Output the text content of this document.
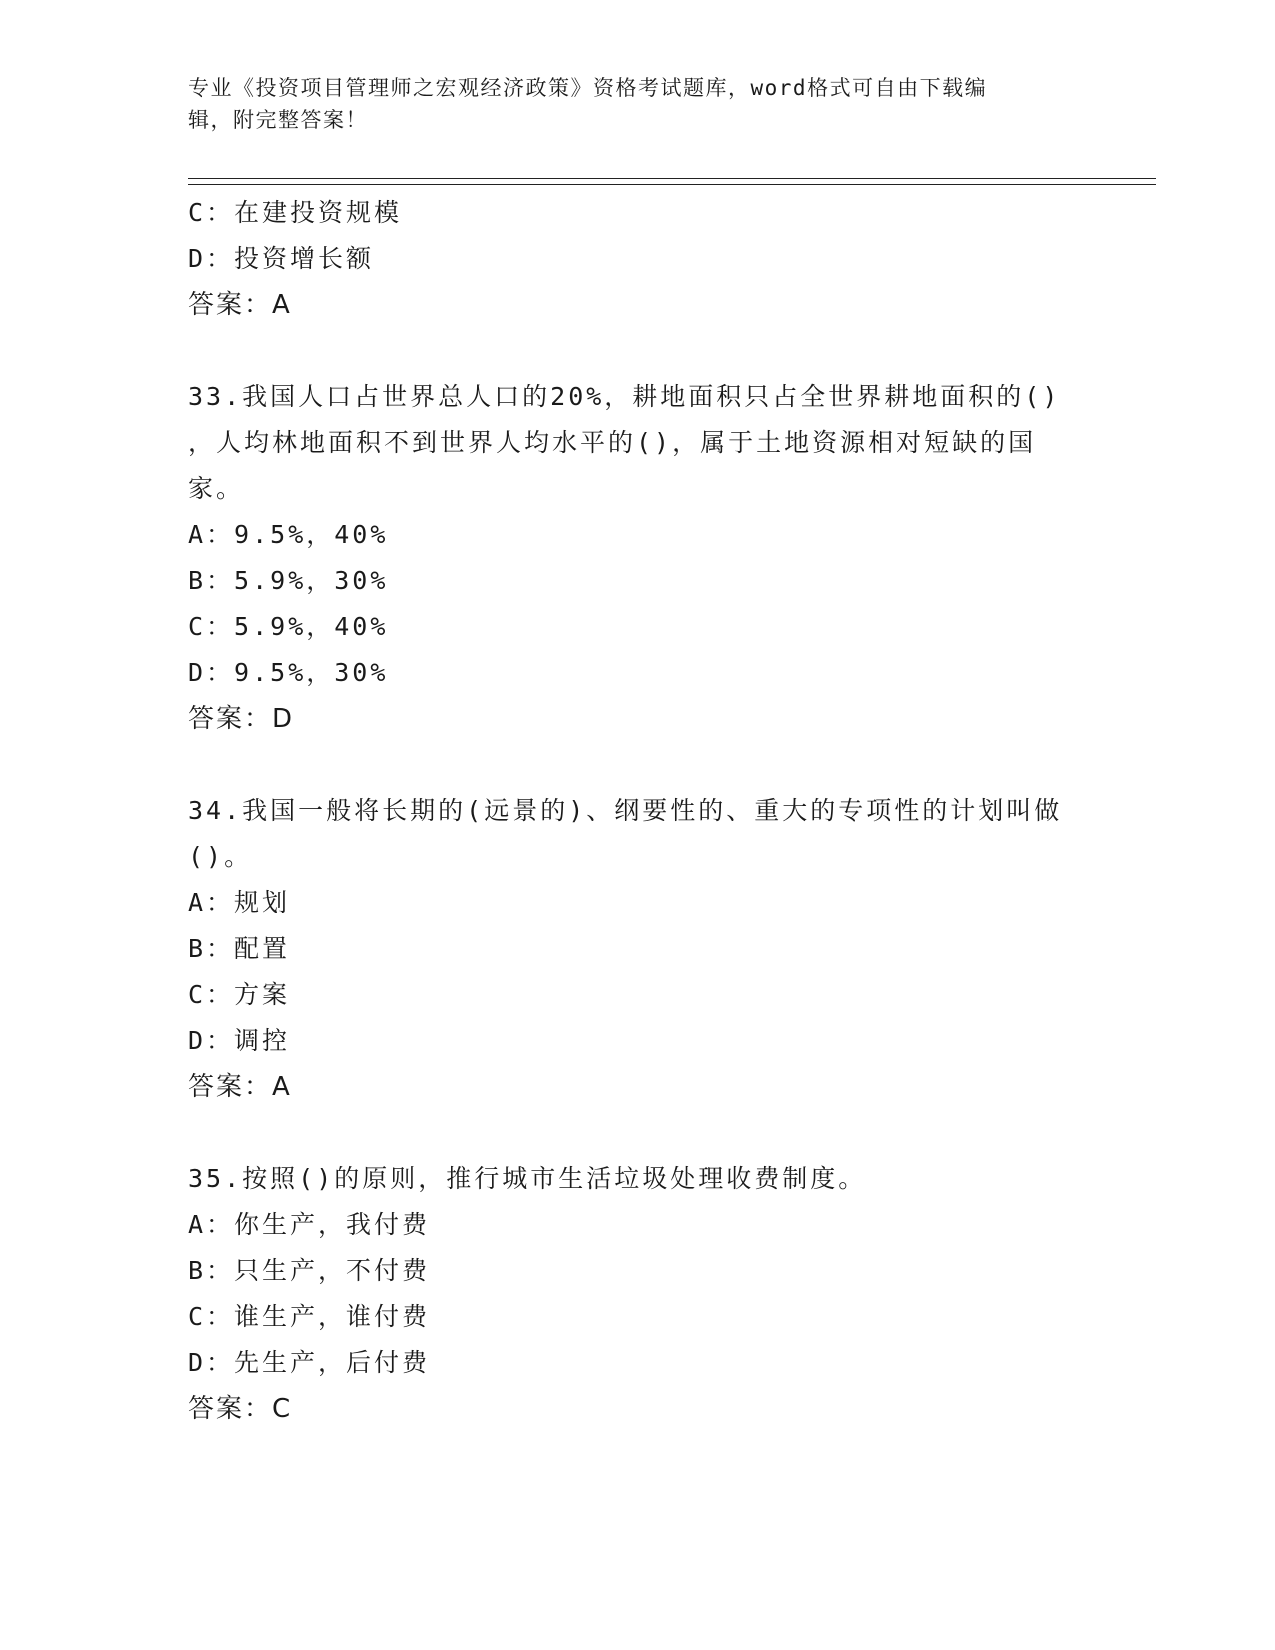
专业《投资项目管理师之宏观经济政策》资格考试题库，word格式可自由下载编
辑，附完整答案！
C：在建投资规模
D：投资增长额
答案：A
33.我国人口占世界总人口的20%，耕地面积只占全世界耕地面积的()
，人均林地面积不到世界人均水平的()，属于土地资源相对短缺的国
家。
A：9.5%，40%
B：5.9%，30%
C：5.9%，40%
D：9.5%，30%
答案：D
34.我国一般将长期的(远景的)、纲要性的、重大的专项性的计划叫做
()。
A：规划
B：配置
C：方案
D：调控
答案：A
35.按照()的原则，推行城市生活垃圾处理收费制度。
A：你生产，我付费
B：只生产，不付费
C：谁生产，谁付费
D：先生产，后付费
答案：C
